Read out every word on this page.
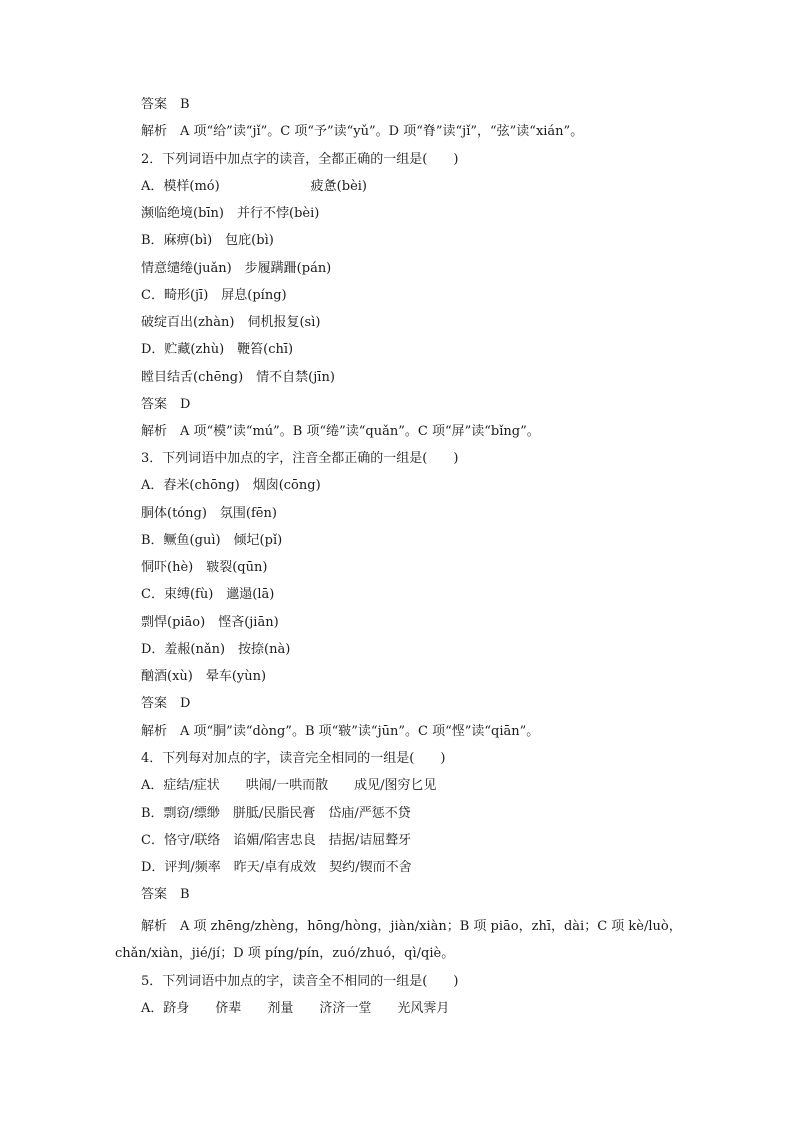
答案　B
解析　A 项“给”读“jǐ”。C 项“予”读“yǔ”。D 项“脊”读“jǐ”，“弦”读“xián”。
2．下列词语中加点字的读音，全都正确的一组是(　　)
A．模样(mó)　　　　　　　疲惫(bèi)
濒临绝境(bīn)　并行不悖(bèi)
B．麻痹(bì)　包庇(bì)
情意缱绻(juǎn)　步履蹒跚(pán)
C．畸形(jī)　屏息(píng)
破绽百出(zhàn)　伺机报复(sì)
D．贮藏(zhù)　鞭笞(chī)
瞠目结舌(chēng)　情不自禁(jīn)
答案　D
解析　A 项“模”读“mú”。B 项“绻”读“quǎn”。C 项“屏”读“bǐng”。
3．下列词语中加点的字，注音全都正确的一组是(　　)
A．舂米(chōng)　烟囱(cōng)
胴体(tóng)　氛围(fēn)
B．鳜鱼(guì)　倾圮(pǐ)
恫吓(hè)　皲裂(qūn)
C．束缚(fù)　邋遢(lā)
剽悍(piāo)　悭吝(jiān)
D．羞赧(nǎn)　按捺(nà)
酗酒(xù)　晕车(yùn)
答案　D
解析　A 项“胴”读“dòng”。B 项“皲”读“jūn”。C 项“悭”读“qiān”。
4．下列每对加点的字，读音完全相同的一组是(　　)
A．症结/症状　　哄闹/一哄而散　　成见/图穷匕见
B．剽窃/缥缈　胼胝/民脂民膏　岱庙/严惩不贷
C．恪守/联络　谄媚/陷害忠良　拮据/诘屈聱牙
D．评判/频率　昨天/卓有成效　契约/锲而不舍
答案　B
解析　A 项 zhēng/zhèng，hōng/hòng，jiàn/xiàn；B 项 piāo，zhī，dài；C 项 kè/luò，
chǎn/xiàn，jié/jí；D 项 píng/pín，zuó/zhuó，qì/qiè。
5．下列词语中加点的字，读音全不相同的一组是(　　)
A．跻身　　侪辈　　剂量　　济济一堂　　光风霁月
